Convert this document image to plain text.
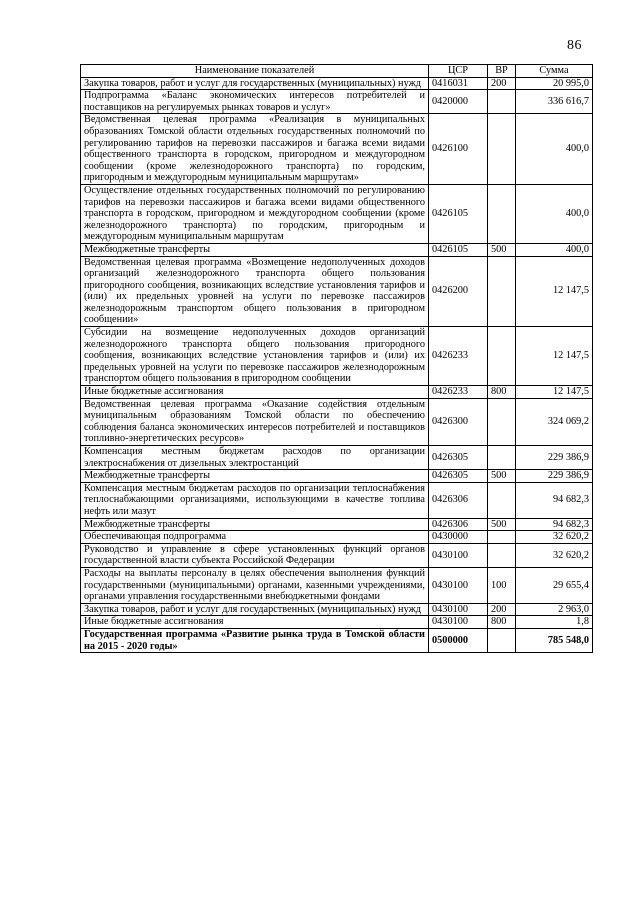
86
Наименование показателей	ЦСР	ВР	Сумма
Закупка товаров, работ и услуг для государственных (муниципальных) нужд	0416031	200	20 995,0
Подпрограмма «Баланс экономических интересов потребителей и поставщиков на регулируемых рынках товаров и услуг»	0420000		336 616,7
Ведомственная целевая программа «Реализация в муниципальных образованиях Томской области отдельных государственных полномочий по регулированию тарифов на перевозки пассажиров и багажа всеми видами общественного транспорта в городском, пригородном и междугородном сообщении (кроме железнодорожного транспорта) по городским, пригородным и междугородным муниципальным маршрутам»	0426100		400,0
Осуществление отдельных государственных полномочий по регулированию тарифов на перевозки пассажиров и багажа всеми видами общественного транспорта в городском, пригородном и междугородном сообщении (кроме железнодорожного транспорта) по городским, пригородным и междугородным муниципальным маршрутам	0426105		400,0
Межбюджетные трансферты	0426105	500	400,0
Ведомственная целевая программа «Возмещение недополученных доходов организаций железнодорожного транспорта общего пользования пригородного сообщения, возникающих вследствие установления тарифов и (или) их предельных уровней на услуги по перевозке пассажиров железнодорожным транспортом общего пользования в пригородном сообщении»	0426200		12 147,5
Субсидии на возмещение недополученных доходов организаций железнодорожного транспорта общего пользования пригородного сообщения, возникающих вследствие установления тарифов и (или) их предельных уровней на услуги по перевозке пассажиров железнодорожным транспортом общего пользования в пригородном сообщении	0426233		12 147,5
Иные бюджетные ассигнования	0426233	800	12 147,5
Ведомственная целевая программа «Оказание содействия отдельным муниципальным образованиям Томской области по обеспечению соблюдения баланса экономических интересов потребителей и поставщиков топливно-энергетических ресурсов»	0426300		324 069,2
Компенсация местным бюджетам расходов по организации электроснабжения от дизельных электростанций	0426305		229 386,9
Межбюджетные трансферты	0426305	500	229 386,9
Компенсация местным бюджетам расходов по организации теплоснабжения теплоснабжающими организациями, использующими в качестве топлива нефть или мазут	0426306		94 682,3
Межбюджетные трансферты	0426306	500	94 682,3
Обеспечивающая подпрограмма	0430000		32 620,2
Руководство и управление в сфере установленных функций органов государственной власти субъекта Российской Федерации	0430100		32 620,2
Расходы на выплаты персоналу в целях обеспечения выполнения функций государственными (муниципальными) органами, казенными учреждениями, органами управления государственными внебюджетными фондами	0430100	100	29 655,4
Закупка товаров, работ и услуг для государственных (муниципальных) нужд	0430100	200	2 963,0
Иные бюджетные ассигнования	0430100	800	1,8
Государственная программа «Развитие рынка труда в Томской области на 2015 - 2020 годы»	0500000		785 548,0
